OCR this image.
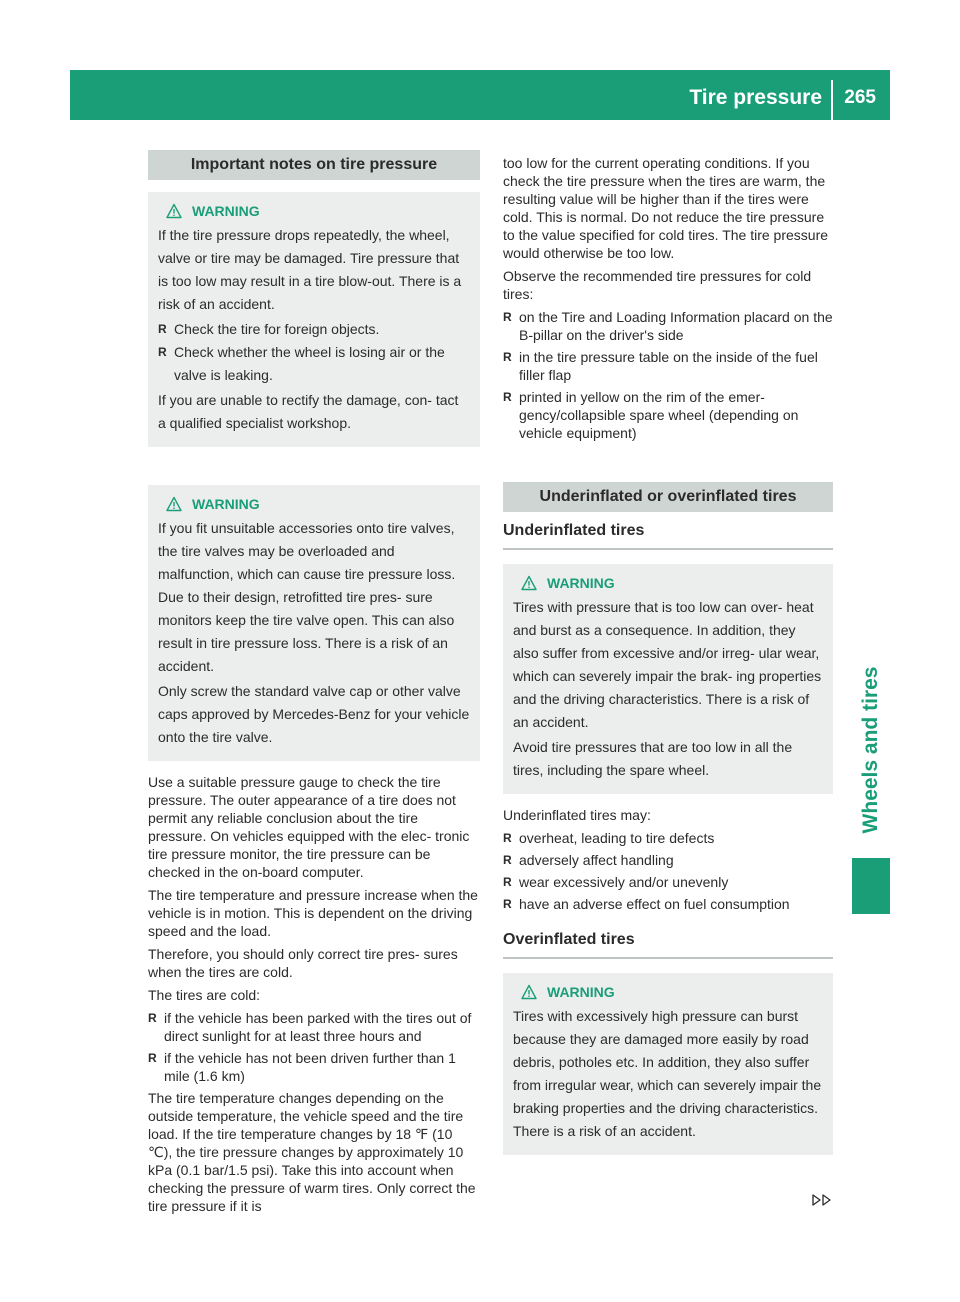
Tire pressure 265
Wheels and tires
Important notes on tire pressure
WARNING
If the tire pressure drops repeatedly, the wheel, valve or tire may be damaged. Tire pressure that is too low may result in a tire blow-out. There is a risk of an accident.
R Check the tire for foreign objects.
R Check whether the wheel is losing air or the valve is leaking.
If you are unable to rectify the damage, con- tact a qualified specialist workshop.
WARNING
If you fit unsuitable accessories onto tire valves, the tire valves may be overloaded and malfunction, which can cause tire pressure loss. Due to their design, retrofitted tire pres- sure monitors keep the tire valve open. This can also result in tire pressure loss. There is a risk of an accident.
Only screw the standard valve cap or other valve caps approved by Mercedes-Benz for your vehicle onto the tire valve.
Use a suitable pressure gauge to check the tire pressure. The outer appearance of a tire does not permit any reliable conclusion about the tire pressure. On vehicles equipped with the elec- tronic tire pressure monitor, the tire pressure can be checked in the on-board computer.
The tire temperature and pressure increase when the vehicle is in motion. This is dependent on the driving speed and the load.
Therefore, you should only correct tire pres- sures when the tires are cold.
The tires are cold:
R if the vehicle has been parked with the tires out of direct sunlight for at least three hours and
R if the vehicle has not been driven further than 1 mile (1.6 km)
The tire temperature changes depending on the outside temperature, the vehicle speed and the tire load. If the tire temperature changes by 18 ℉ (10 ℃), the tire pressure changes by approximately 10 kPa (0.1 bar/1.5 psi). Take this into account when checking the pressure of warm tires. Only correct the tire pressure if it is
too low for the current operating conditions. If you check the tire pressure when the tires are warm, the resulting value will be higher than if the tires were cold. This is normal. Do not reduce the tire pressure to the value specified for cold tires. The tire pressure would otherwise be too low.
Observe the recommended tire pressures for cold tires:
R on the Tire and Loading Information placard on the B-pillar on the driver's side
R in the tire pressure table on the inside of the fuel filler flap
R printed in yellow on the rim of the emer- gency/collapsible spare wheel (depending on vehicle equipment)
Underinflated or overinflated tires
Underinflated tires
WARNING
Tires with pressure that is too low can over- heat and burst as a consequence. In addition, they also suffer from excessive and/or irreg- ular wear, which can severely impair the brak- ing properties and the driving characteristics. There is a risk of an accident.
Avoid tire pressures that are too low in all the tires, including the spare wheel.
Underinflated tires may:
R overheat, leading to tire defects
R adversely affect handling
R wear excessively and/or unevenly
R have an adverse effect on fuel consumption
Overinflated tires
WARNING
Tires with excessively high pressure can burst because they are damaged more easily by road debris, potholes etc. In addition, they also suffer from irregular wear, which can severely impair the braking properties and the driving characteristics. There is a risk of an accident.
